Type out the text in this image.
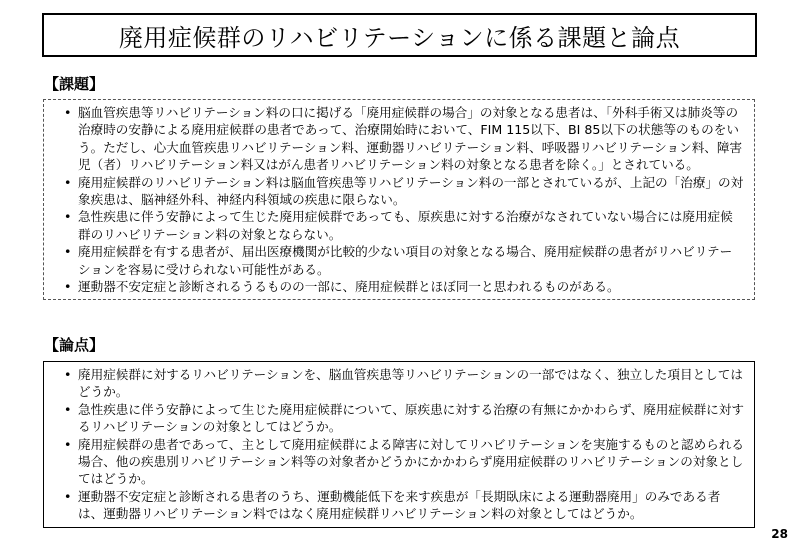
廃用症候群のリハビリテーションに係る課題と論点
【課題】
• 脳血管疾患等リハビリテーション料の口に掲げる「廃用症候群の場合」の対象となる患者は、「外科手術又は肺炎等の治療時の安静による廃用症候群の患者であって、治療開始時において、FIM 115以下、BI 85以下の状態等のものをいう。ただし、心大血管疾患リハビリテーション料、運動器リハビリテーション料、呼吸器リハビリテーション料、障害児（者）リハビリテーション料又はがん患者リハビリテーション料の対象となる患者を除く。」とされている。
• 廃用症候群のリハビリテーション料は脳血管疾患等リハビリテーション料の一部とされているが、上記の「治療」の対象疾患は、脳神経外科、神経内科領域の疾患に限らない。
• 急性疾患に伴う安静によって生じた廃用症候群であっても、原疾患に対する治療がなされていない場合には廃用症候群のリハビリテーション料の対象とならない。
• 廃用症候群を有する患者が、届出医療機関が比較的少ない項目の対象となる場合、廃用症候群の患者がリハビリテーションを容易に受けられない可能性がある。
• 運動器不安定症と診断されるうるものの一部に、廃用症候群とほぼ同一と思われるものがある。
【論点】
• 廃用症候群に対するリハビリテーションを、脳血管疾患等リハビリテーションの一部ではなく、独立した項目としてはどうか。
• 急性疾患に伴う安静によって生じた廃用症候群について、原疾患に対する治療の有無にかかわらず、廃用症候群に対するリハビリテーションの対象としてはどうか。
• 廃用症候群の患者であって、主として廃用症候群による障害に対してリハビリテーションを実施するものと認められる場合、他の疾患別リハビリテーション料等の対象者かどうかにかかわらず廃用症候群のリハビリテーションの対象としてはどうか。
• 運動器不安定症と診断される患者のうち、運動機能低下を来す疾患が「長期臥床による運動器廃用」のみである者は、運動器リハビリテーション料ではなく廃用症候群リハビリテーション料の対象としてはどうか。
28
